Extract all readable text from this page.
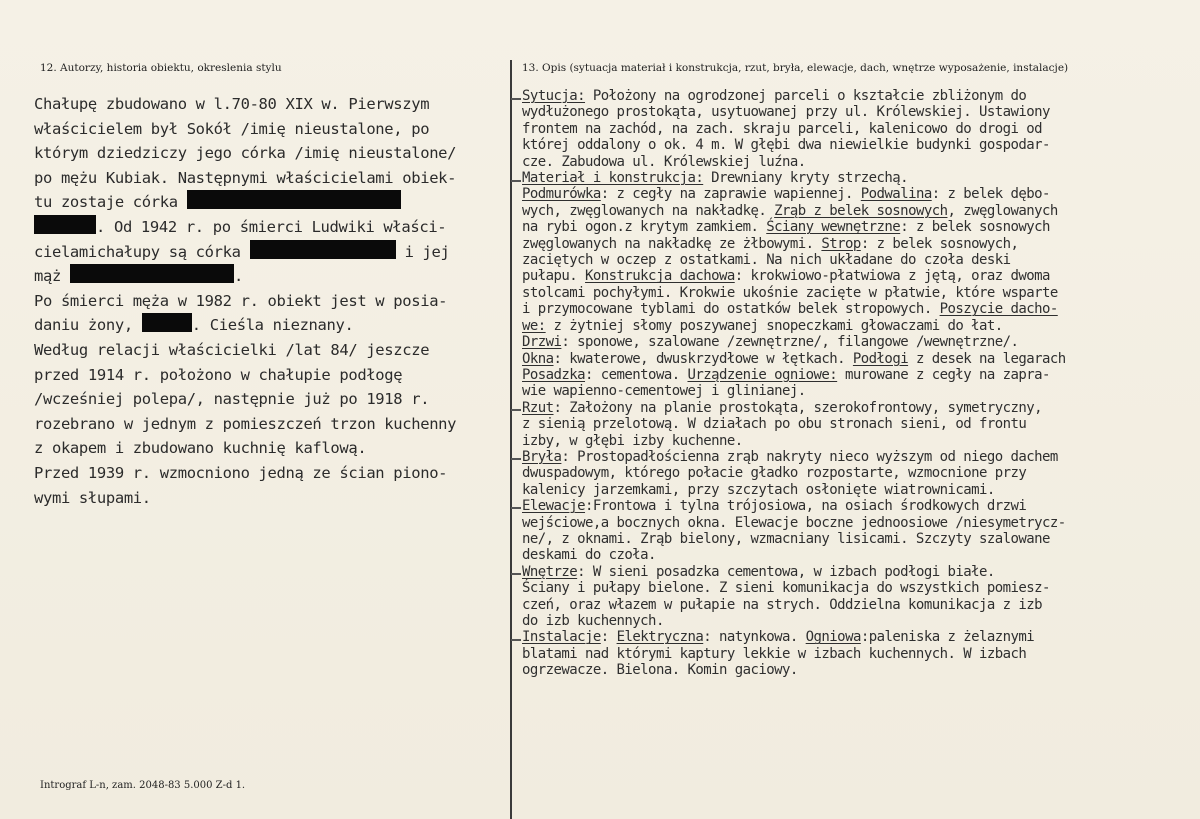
12. Autorzy, historia obiektu, okreslenia stylu	13. Opis (sytuacja materiał i konstrukcja, rzut, bryła, elewacje, dach, wnętrze wyposażenie, instalacje)
Chałupę zbudowano w l.70-80 XIX w. Pierwszym
właścicielem był Sokół /imię nieustalone, po
którym dziedziczy jego córka /imię nieustalone/
po mężu Kubiak. Następnymi właścicielami obiek-
tu zostaje córka
. Od 1942 r. po śmierci Ludwiki właści-
cielamichałupy są córka	i jej
mąż	.
Po śmierci męża w 1982 r. obiekt jest w posia-
daniu żony,	. Cieśla nieznany.
Według relacji właścicielki /lat 84/ jeszcze
przed 1914 r. położono w chałupie podłogę
/wcześniej polepa/, następnie już po 1918 r.
rozebrano w jednym z pomieszczeń trzon kuchenny
z okapem i zbudowano kuchnię kaflową.
Przed 1939 r. wzmocniono jedną ze ścian piono-
wymi słupami.
Sytucja: Położony na ogrodzonej parceli o kształcie zbliżonym do
wydłużonego prostokąta, usytuowanej przy ul. Królewskiej. Ustawiony
frontem na zachód, na zach. skraju parceli, kalenicowo do drogi od
której oddalony o ok. 4 m. W głębi dwa niewielkie budynki gospodar-
cze. Zabudowa ul. Królewskiej luźna.
Materiał i konstrukcja: Drewniany kryty strzechą.
Podmurówka: z cegły na zaprawie wapiennej. Podwalina: z belek dębo-
wych, zwęglowanych na nakładkę. Zrąb z belek sosnowych, zwęglowanych
na rybi ogon.z krytym zamkiem. Ściany wewnętrzne: z belek sosnowych
zwęglowanych na nakładkę ze żłbowymi. Strop: z belek sosnowych,
zaciętych w oczep z ostatkami. Na nich układane do czoła deski
pułapu. Konstrukcja dachowa: krokwiowo-płatwiowa z jętą, oraz dwoma
stolcami pochyłymi. Krokwie ukośnie zacięte w płatwie, które wsparte
i przymocowane tyblami do ostatków belek stropowych. Poszycie dacho-
we: z żytniej słomy poszywanej snopeczkami głowaczami do łat.
Drzwi: sponowe, szalowane /zewnętrzne/, filangowe /wewnętrzne/.
Okna: kwaterowe, dwuskrzydłowe w łętkach. Podłogi z desek na legarach
Posadzka: cementowa. Urządzenie ogniowe: murowane z cegły na zapra-
wie wapienno-cementowej i glinianej.
Rzut: Założony na planie prostokąta, szerokofrontowy, symetryczny,
z sienią przelotową. W działach po obu stronach sieni, od frontu
izby, w głębi izby kuchenne.
Bryła: Prostopadłościenna zrąb nakryty nieco wyższym od niego dachem
dwuspadowym, którego połacie gładko rozpostarte, wzmocnione przy
kalenicy jarzemkami, przy szczytach osłonięte wiatrownicami.
Elewacje:Frontowa i tylna trójosiowa, na osiach środkowych drzwi
wejściowe,a bocznych okna. Elewacje boczne jednoosiowe /niesymetrycz-
ne/, z oknami. Zrąb bielony, wzmacniany lisicami. Szczyty szalowane
deskami do czoła.
Wnętrze: W sieni posadzka cementowa, w izbach podłogi białe.
Ściany i pułapy bielone. Z sieni komunikacja do wszystkich pomiesz-
czeń, oraz włazem w pułapie na strych. Oddzielna komunikacja z izb
do izb kuchennych.
Instalacje: Elektryczna: natynkowa. Ogniowa:paleniska z żelaznymi
blatami nad którymi kaptury lekkie w izbach kuchennych. W izbach
ogrzewacze. Bielona. Komin gaciowy.
Intrograf L-n, zam. 2048-83 5.000 Z-d 1.
